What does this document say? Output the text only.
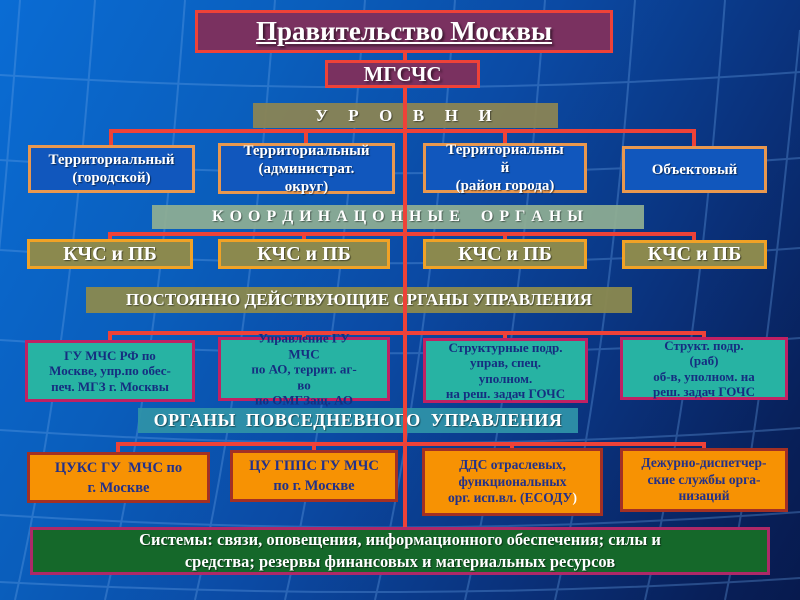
У  Р  О  В  Н  И
К О О Р Д И Н А Ц О Н Н Ы Е    О Р Г А Н Ы
ПОСТОЯННО ДЕЙСТВУЮЩИЕ ОРГАНЫ УПРАВЛЕНИЯ
ОРГАНЫ  ПОВСЕДНЕВНОГО  УПРАВЛЕНИЯ
Правительство Москвы
МГСЧС
Территориальный
(городской)
Территориальный
(администрат.
округ)
Территориальны
й
(район города)
Объектовый
КЧС и ПБ	КЧС и ПБ	КЧС и ПБ	КЧС и ПБ
ГУ МЧС РФ по
Москве, упр.по обес-
печ. МГЗ г. Москвы
Управление ГУ
МЧС
по АО, террит. аг-
во
по ОМГЗащ. АО
Структурные подр.
управ, спец.
уполном.
на реш. задач ГОЧС
Структ. подр.
(раб)
об-в, уполном. на
реш. задач ГОЧС
ЦУКС ГУ  МЧС по
г. Москве
ЦУ ГППС ГУ МЧС
по г. Москве
ДДС отраслевых,
функциональных
орг. исп.вл. (ЕСОДУ)
Дежурно-диспетчер-
ские службы орга-
низаций
Системы: связи, оповещения, информационного обеспечения; силы и
средства; резервы финансовых и материальных ресурсов
